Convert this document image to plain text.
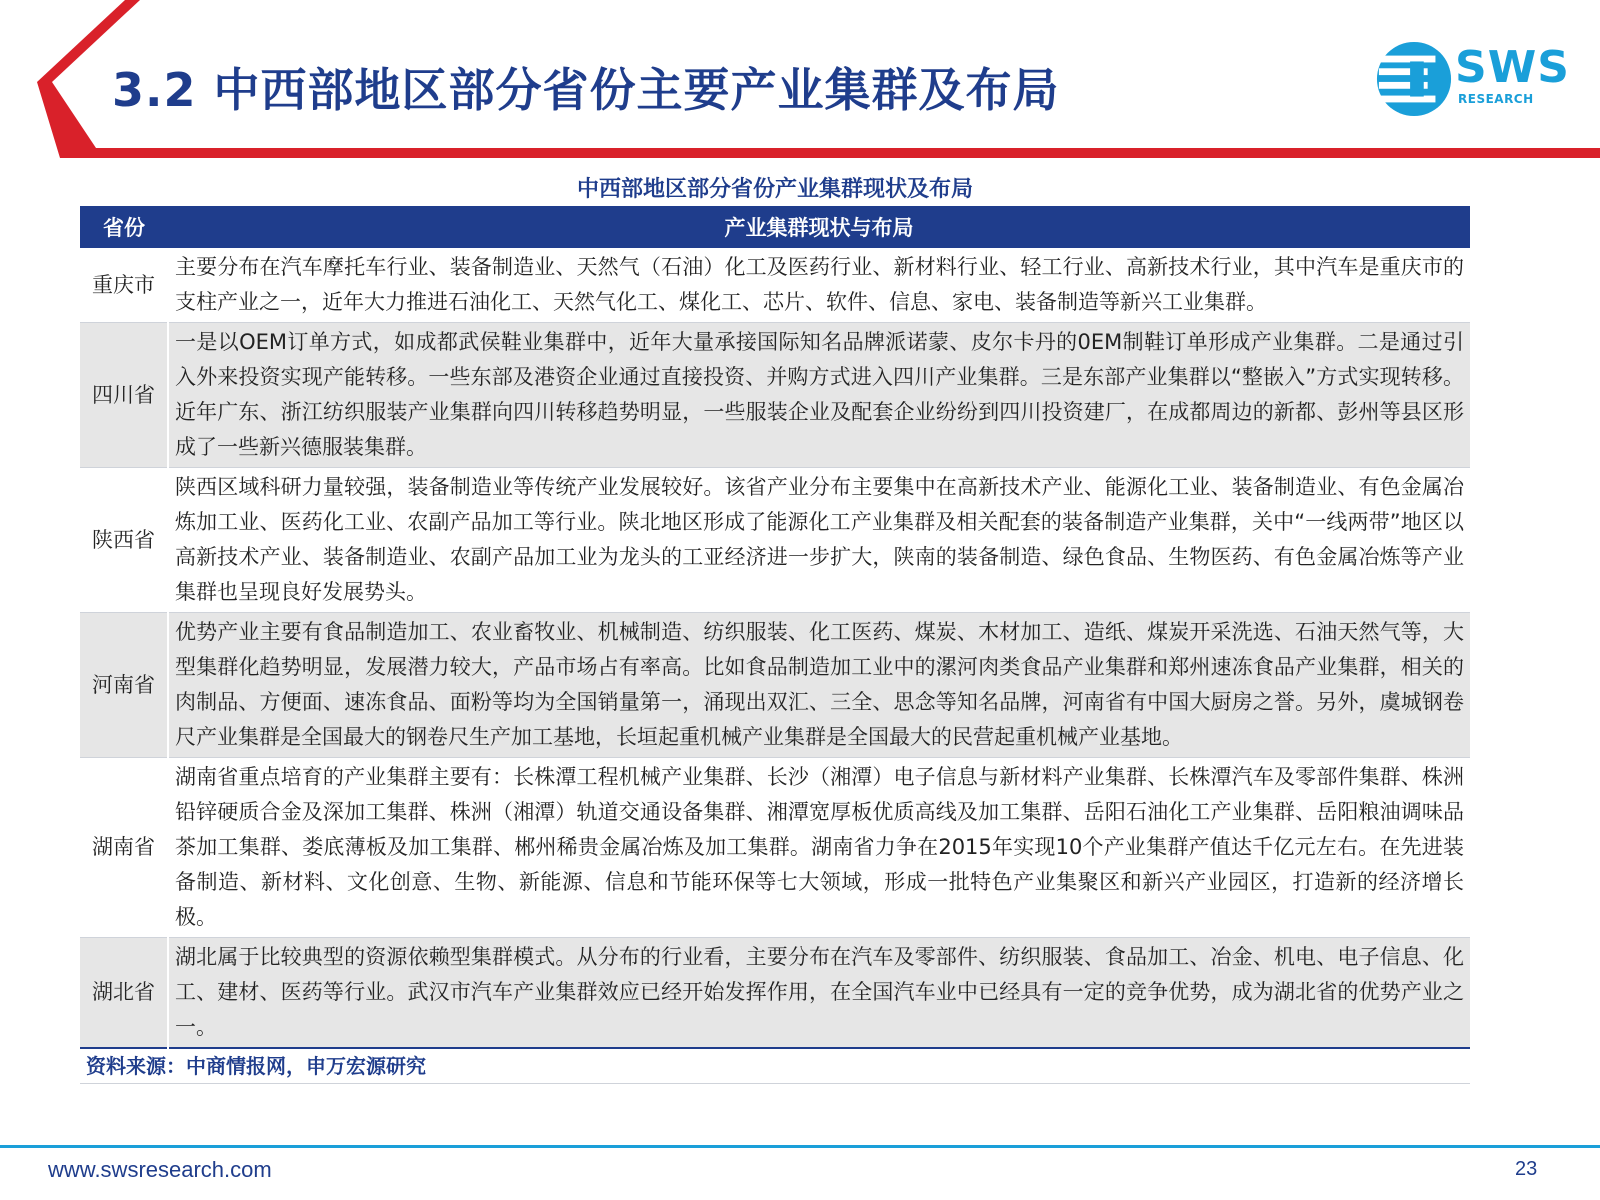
3.2 中西部地区部分省份主要产业集群及布局	SWS
RESEARCH
中西部地区部分省份产业集群现状及布局
省份	产业集群现状与布局
重庆市	主要分布在汽车摩托车行业、装备制造业、天然气（石油）化工及医药行业、新材料行业、轻工行业、高新技术行业，其中汽车是重庆市的支柱产业之一，近年大力推进石油化工、天然气化工、煤化工、芯片、软件、信息、家电、装备制造等新兴工业集群。
四川省	一是以OEM订单方式，如成都武侯鞋业集群中，近年大量承接国际知名品牌派诺蒙、皮尔卡丹的0EM制鞋订单形成产业集群。二是通过引入外来投资实现产能转移。一些东部及港资企业通过直接投资、并购方式进入四川产业集群。三是东部产业集群以“整嵌入”方式实现转移。近年广东、浙江纺织服装产业集群向四川转移趋势明显，一些服装企业及配套企业纷纷到四川投资建厂，在成都周边的新都、彭州等县区形成了一些新兴德服装集群。
陕西省	陕西区域科研力量较强，装备制造业等传统产业发展较好。该省产业分布主要集中在高新技术产业、能源化工业、装备制造业、有色金属冶炼加工业、医药化工业、农副产品加工等行业。陕北地区形成了能源化工产业集群及相关配套的装备制造产业集群，关中“一线两带”地区以高新技术产业、装备制造业、农副产品加工业为龙头的工亚经济进一步扩大，陕南的装备制造、绿色食品、生物医药、有色金属冶炼等产业集群也呈现良好发展势头。
河南省	优势产业主要有食品制造加工、农业畜牧业、机械制造、纺织服装、化工医药、煤炭、木材加工、造纸、煤炭开采洗选、石油天然气等，大型集群化趋势明显，发展潜力较大，产品市场占有率高。比如食品制造加工业中的漯河肉类食品产业集群和郑州速冻食品产业集群，相关的肉制品、方便面、速冻食品、面粉等均为全国销量第一，涌现出双汇、三全、思念等知名品牌，河南省有中国大厨房之誉。另外，虞城钢卷尺产业集群是全国最大的钢卷尺生产加工基地，长垣起重机械产业集群是全国最大的民营起重机械产业基地。
湖南省	湖南省重点培育的产业集群主要有：长株潭工程机械产业集群、长沙（湘潭）电子信息与新材料产业集群、长株潭汽车及零部件集群、株洲铅锌硬质合金及深加工集群、株洲（湘潭）轨道交通设备集群、湘潭宽厚板优质高线及加工集群、岳阳石油化工产业集群、岳阳粮油调味品茶加工集群、娄底薄板及加工集群、郴州稀贵金属冶炼及加工集群。湖南省力争在2015年实现10个产业集群产值达千亿元左右。在先进装备制造、新材料、文化创意、生物、新能源、信息和节能环保等七大领域，形成一批特色产业集聚区和新兴产业园区，打造新的经济增长极。
湖北省	湖北属于比较典型的资源依赖型集群模式。从分布的行业看，主要分布在汽车及零部件、纺织服装、食品加工、冶金、机电、电子信息、化工、建材、医药等行业。武汉市汽车产业集群效应已经开始发挥作用，在全国汽车业中已经具有一定的竞争优势，成为湖北省的优势产业之一。
资料来源：中商情报网，申万宏源研究	
www.swsresearch.com	23
